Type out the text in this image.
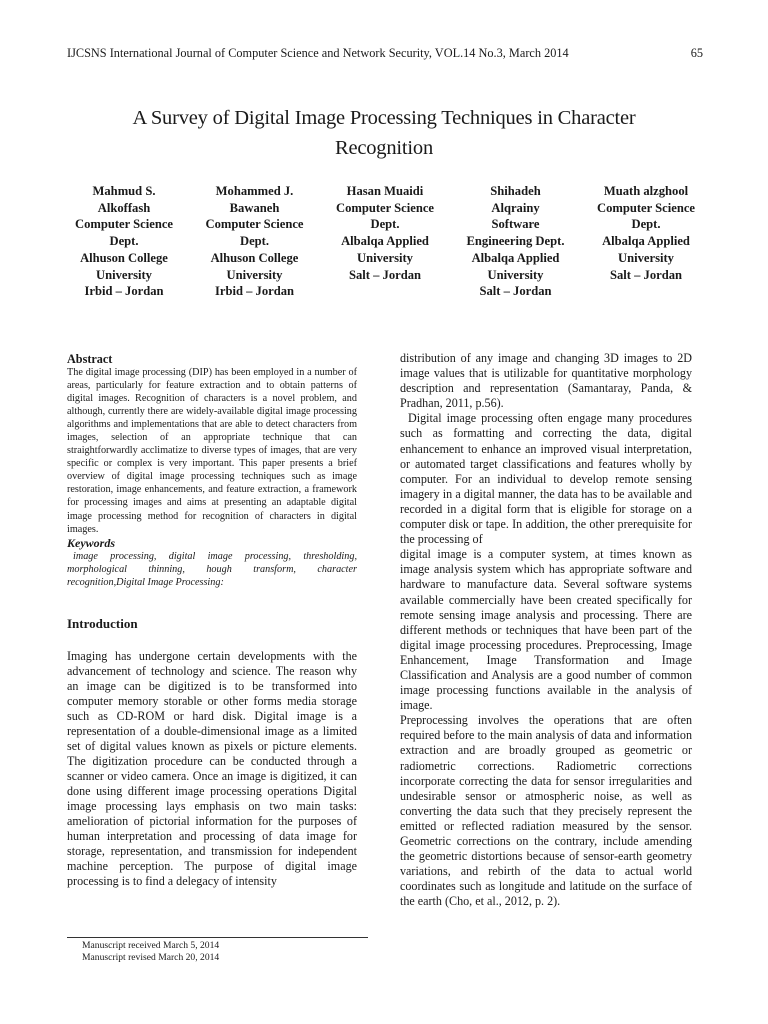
IJCSNS International Journal of Computer Science and Network Security, VOL.14 No.3, March 2014	65
A Survey of Digital Image Processing Techniques in Character
Recognition
Mahmud S.
Alkoffash
Computer Science
Dept.
Alhuson College
University
Irbid – Jordan
Mohammed J.
Bawaneh
Computer Science
Dept.
Alhuson College
University
Irbid – Jordan
Hasan Muaidi
Computer Science
Dept.
Albalqa Applied
University
Salt – Jordan
Shihadeh
Alqrainy
Software
Engineering Dept.
Albalqa Applied
University
Salt – Jordan
Muath alzghool
Computer Science
Dept.
Albalqa Applied
University
Salt – Jordan
Abstract

The digital image processing (DIP) has been employed in a number of areas, particularly for feature extraction and to obtain patterns of digital images. Recognition of characters is a novel problem, and although, currently there are widely-available digital image processing algorithms and implementations that are able to detect characters from images, selection of an appropriate technique that can straightforwardly acclimatize to diverse types of images, that are very specific or complex is very important. This paper presents a brief overview of digital image processing techniques such as image restoration, image enhancements, and feature extraction, a framework for processing images and aims at presenting an adaptable digital image processing method for recognition of characters in digital images.

Keywords

image processing, digital image processing, thresholding, morphological thinning, hough transform, character recognition,Digital Image Processing:

Introduction

Imaging has undergone certain developments with the advancement of technology and science. The reason why an image can be digitized is to be transformed into computer memory storable or other forms media storage such as CD-ROM or hard disk. Digital image is a representation of a double-dimensional image as a limited set of digital values known as pixels or picture elements. The digitization procedure can be conducted through a scanner or video camera. Once an image is digitized, it can done using different image processing operations Digital image processing lays emphasis on two main tasks: amelioration of pictorial information for the purposes of human interpretation and processing of data image for storage, representation, and transmission for independent machine perception. The purpose of digital image processing is to find a delegacy of intensity

distribution of any image and changing 3D images to 2D image values that is utilizable for quantitative morphology description and representation (Samantaray, Panda, & Pradhan, 2011, p.56).

Digital image processing often engage many procedures such as formatting and correcting the data, digital enhancement to enhance an improved visual interpretation, or automated target classifications and features wholly by computer. For an individual to develop remote sensing imagery in a digital manner, the data has to be available and recorded in a digital form that is eligible for storage on a computer disk or tape. In addition, the other prerequisite for the processing of

digital image is a computer system, at times known as image analysis system which has appropriate software and hardware to manufacture data. Several software systems available commercially have been created specifically for remote sensing image analysis and processing. There are different methods or techniques that have been part of the digital image processing procedures. Preprocessing, Image Enhancement, Image Transformation and Image Classification and Analysis are a good number of common image processing functions available in the analysis of image.

Preprocessing involves the operations that are often required before to the main analysis of data and information extraction and are broadly grouped as geometric or radiometric corrections. Radiometric corrections incorporate correcting the data for sensor irregularities and undesirable sensor or atmospheric noise, as well as converting the data such that they precisely represent the emitted or reflected radiation measured by the sensor. Geometric corrections on the contrary, include amending the geometric distortions because of sensor-earth geometry variations, and rebirth of the data to actual world coordinates such as longitude and latitude on the surface of the earth (Cho, et al., 2012, p. 2).

Manuscript received March 5, 2014
Manuscript revised March 20, 2014
